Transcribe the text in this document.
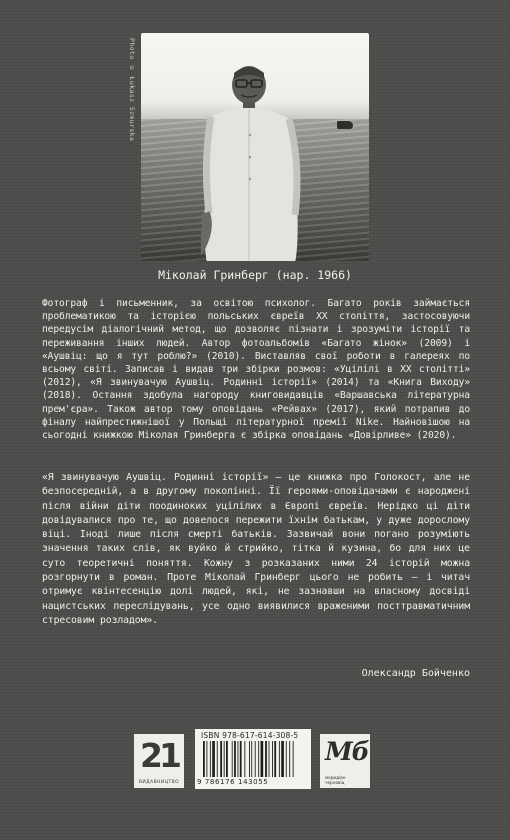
Photo © Łukasz Szmurska
Міколай Гринберг (нар. 1966)
Фотограф і письменник, за освітою психолог. Багато років займається проблематикою та історією польських євреїв XX століття, застосовуючи передусім діалогічний метод, що дозволяє пізнати і зрозуміти історії та переживання інших людей. Автор фотоальбомів «Багато жінок» (2009) і «Аушвіц: що я тут роблю?» (2010). Виставляв свої роботи в галереях по всьому світі. Записав і видав три збірки розмов: «Уцілілі в XX столітті» (2012), «Я звинувачую Аушвіц. Родинні історії» (2014) та «Книга Виходу» (2018). Остання здобула нагороду книговидавців «Варшавська літературна прем'єра». Також автор тому оповідань «Рейвах» (2017), який потрапив до фіналу найпрестижнішої у Польщі літературної премії Nike. Найновішою на сьогодні книжкою Міколая Гринберга є збірка оповідань «Довірливе» (2020).
«Я звинувачую Аушвіц. Родинні історії» — це книжка про Голокост, але не безпосередній, а в другому поколінні. Її героями-оповідачами є народжені після війни діти поодиноких уцілілих в Європі євреїв. Нерідко ці діти довідувалися про те, що довелося пережити їхнім батькам, у дуже дорослому віці. Іноді лише після смерті батьків. Зазвичай вони погано розуміють значення таких слів, як вуйко й стрийко, тітка й кузина, бо для них це суто теоретичні поняття. Кожну з розказаних ними 24 історій можна розгорнути в роман. Проте Міколай Гринберг цього не робить — і читач отримує квінтесенцію долі людей, які, не зазнавши на власному досвіді нацистських переслідувань, усе одно виявилися враженими посттравматичним стресовим розладом».
Олександр Бойченко
21
ВИДАВНИЦТВО
ISBN 978-617-614-308-5
9 786176 143055
Мб
меридіан
черновіц
